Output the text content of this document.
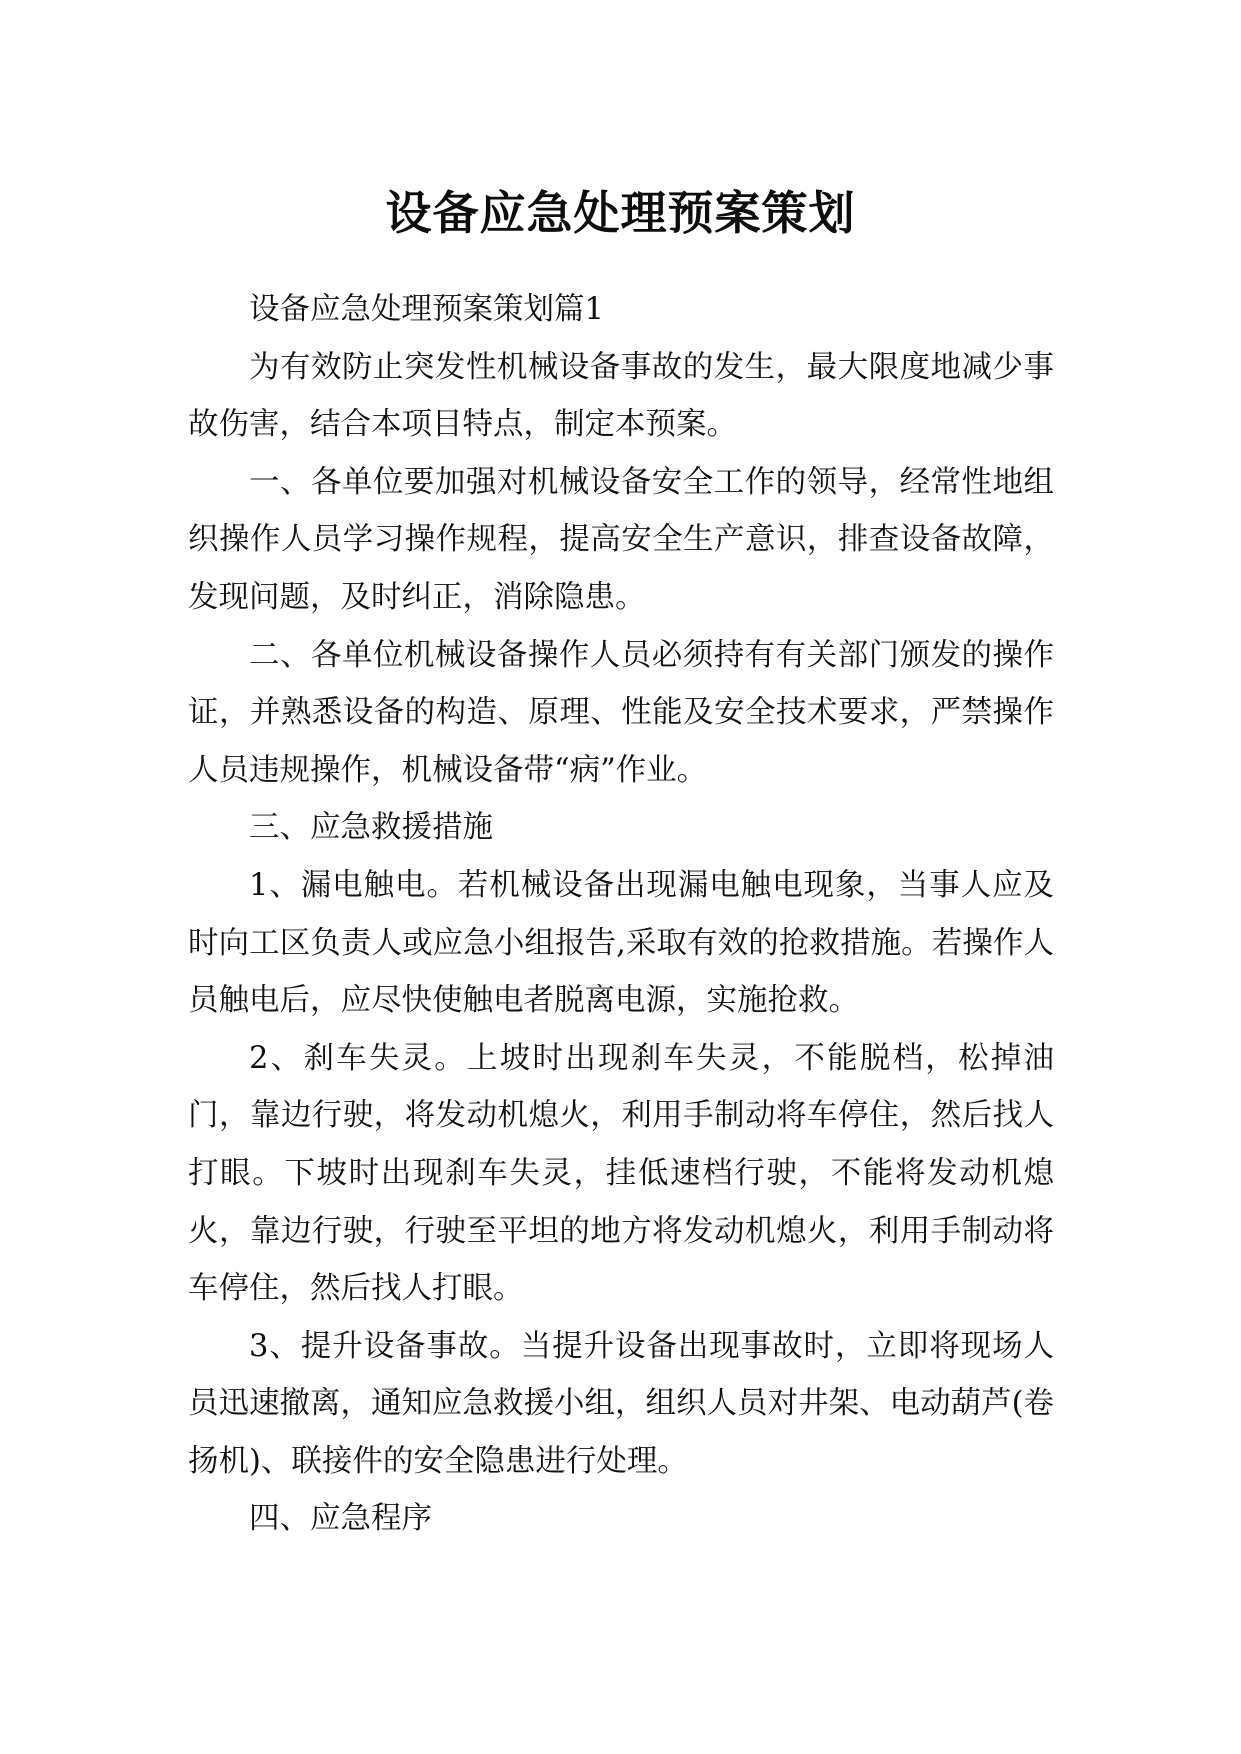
设备应急处理预案策划

设备应急处理预案策划篇1

为有效防止突发性机械设备事故的发生，最大限度地减少事故伤害，结合本项目特点，制定本预案。

一、各单位要加强对机械设备安全工作的领导，经常性地组织操作人员学习操作规程，提高安全生产意识，排查设备故障，发现问题，及时纠正，消除隐患。

二、各单位机械设备操作人员必须持有有关部门颁发的操作证，并熟悉设备的构造、原理、性能及安全技术要求，严禁操作人员违规操作，机械设备带“病”作业。

三、应急救援措施

1、漏电触电。若机械设备出现漏电触电现象，当事人应及时向工区负责人或应急小组报告,采取有效的抢救措施。若操作人员触电后，应尽快使触电者脱离电源，实施抢救。

2、刹车失灵。上坡时出现刹车失灵，不能脱档，松掉油门，靠边行驶，将发动机熄火，利用手制动将车停住，然后找人打眼。下坡时出现刹车失灵，挂低速档行驶，不能将发动机熄火，靠边行驶，行驶至平坦的地方将发动机熄火，利用手制动将车停住，然后找人打眼。

3、提升设备事故。当提升设备出现事故时，立即将现场人员迅速撤离，通知应急救援小组，组织人员对井架、电动葫芦(卷扬机)、联接件的安全隐患进行处理。

四、应急程序
